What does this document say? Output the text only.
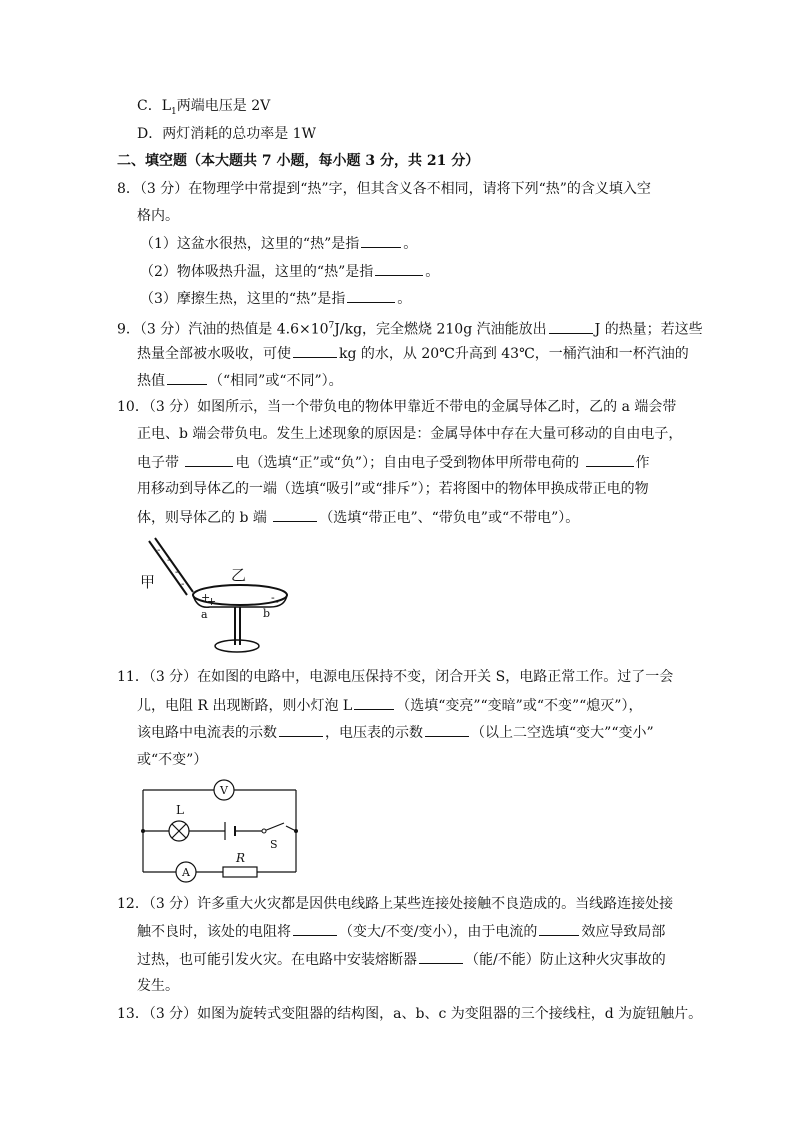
C．$L_1$两端电压是 2V
D．两灯消耗的总功率是 1W
二、填空题（本大题共 7 小题，每小题 3 分，共 21 分）
8．（3 分）在物理学中常提到“热”字，但其含义各不相同，请将下列“热”的含义填入空
格内。
（1）这盆水很热，这里的“热”是指	。
（2）物体吸热升温，这里的“热”是指	。
（3）摩擦生热，这里的“热”是指	。
9．（3 分）汽油的热值是 $4.6\times 10^7J/kg$，完全燃烧 210g 汽油能放出	J 的热量；若这些
热量全部被水吸收，可使	kg 的水，从 20℃升高到 43℃，一桶汽油和一杯汽油的
热值	（“相同”或“不同”）。
10．（3 分）如图所示，当一个带负电的物体甲靠近不带电的金属导体乙时，乙的 a 端会带
正电、b 端会带负电。发生上述现象的原因是：金属导体中存在大量可移动的自由电子，
电子带	电（选填“正”或“负”）；自由电子受到物体甲所带电荷的	作
用移动到导体乙的一端（选填“吸引”或“排斥”）；若将图中的物体甲换成带正电的物
体，则导体乙的 b 端	（选填“带正电”、“带负电”或“不带电”）。
-
-
-
-
甲
+
+	- -
乙
a	b
11．（3 分）在如图的电路中，电源电压保持不变，闭合开关 S，电路正常工作。过了一会
儿，电阻 R 出现断路，则小灯泡 L	（选填“变亮”“变暗”或“不变”“熄灭”），
该电路中电流表的示数	，电压表的示数	（以上二空选填“变大”“变小”
或“不变”）
V
L
S
A
R
12．（3 分）许多重大火灾都是因供电线路上某些连接处接触不良造成的。当线路连接处接
触不良时，该处的电阻将	（变大/不变/变小），由于电流的	效应导致局部
过热，也可能引发火灾。在电路中安装熔断器	（能/不能）防止这种火灾事故的
发生。
13．（3 分）如图为旋转式变阻器的结构图，a、b、c 为变阻器的三个接线柱，d 为旋钮触片。
